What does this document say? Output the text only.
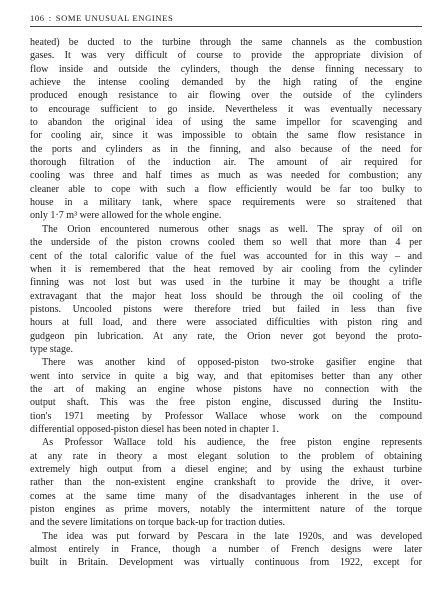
106 : SOME UNUSUAL ENGINES

heated) be ducted to the turbine through the same channels as the combustion
gases. It was very difficult of course to provide the appropriate division of
flow inside and outside the cylinders, though the dense finning necessary to
achieve the intense cooling demanded by the high rating of the engine
produced enough resistance to air flowing over the outside of the cylinders
to encourage sufficient to go inside. Nevertheless it was eventually necessary
to abandon the original idea of using the same impellor for scavenging and
for cooling air, since it was impossible to obtain the same flow resistance in
the ports and cylinders as in the finning, and also because of the need for
thorough filtration of the induction air. The amount of air required for
cooling was three and half times as much as was needed for combustion; any
cleaner able to cope with such a flow efficiently would be far too bulky to
house in a military tank, where space requirements were so straitened that
only 1·7 m³ were allowed for the whole engine.

The Orion encountered numerous other snags as well. The spray of oil on
the underside of the piston crowns cooled them so well that more than 4 per
cent of the total calorific value of the fuel was accounted for in this way – and
when it is remembered that the heat removed by air cooling from the cylinder
finning was not lost but was used in the turbine it may be thought a trifle
extravagant that the major heat loss should be through the oil cooling of the
pistons. Uncooled pistons were therefore tried but failed in less than five
hours at full load, and there were associated difficulties with piston ring and
gudgeon pin lubrication. At any rate, the Orion never got beyond the proto-
type stage.

There was another kind of opposed-piston two-stroke gasifier engine that
went into service in quite a big way, and that epitomises better than any other
the art of making an engine whose pistons have no connection with the
output shaft. This was the free piston engine, discussed during the Institu-
tion's 1971 meeting by Professor Wallace whose work on the compound
differential opposed-piston diesel has been noted in chapter 1.

As Professor Wallace told his audience, the free piston engine represents
at any rate in theory a most elegant solution to the problem of obtaining
extremely high output from a diesel engine; and by using the exhaust turbine
rather than the non-existent engine crankshaft to provide the drive, it over-
comes at the same time many of the disadvantages inherent in the use of
piston engines as prime movers, notably the intermittent nature of the torque
and the severe limitations on torque back-up for traction duties.

The idea was put forward by Pescara in the late 1920s, and was developed
almost entirely in France, though a number of French designs were later
built in Britain. Development was virtually continuous from 1922, except for
